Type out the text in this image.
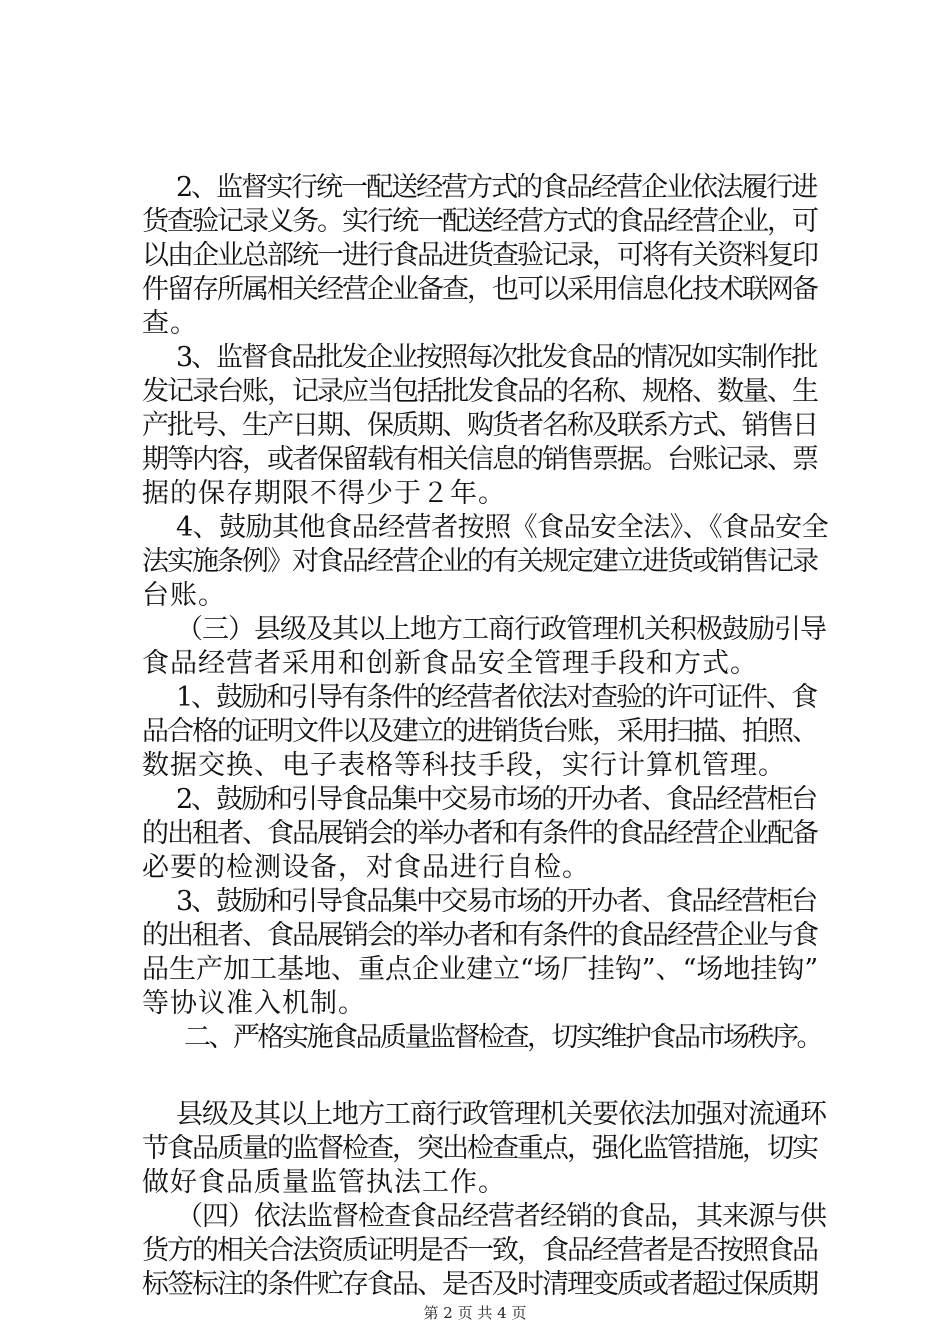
2、监督实行统一配送经营方式的食品经营企业依法履行进
货查验记录义务。实行统一配送经营方式的食品经营企业，可
以由企业总部统一进行食品进货查验记录，可将有关资料复印
件留存所属相关经营企业备查，也可以采用信息化技术联网备
查。
3、监督食品批发企业按照每次批发食品的情况如实制作批
发记录台账，记录应当包括批发食品的名称、规格、数量、生
产批号、生产日期、保质期、购货者名称及联系方式、销售日
期等内容，或者保留载有相关信息的销售票据。台账记录、票
据的保存期限不得少于２年。
4、鼓励其他食品经营者按照《食品安全法》、《食品安全
法实施条例》对食品经营企业的有关规定建立进货或销售记录
台账。
（三）县级及其以上地方工商行政管理机关积极鼓励引导
食品经营者采用和创新食品安全管理手段和方式。
1、鼓励和引导有条件的经营者依法对查验的许可证件、食
品合格的证明文件以及建立的进销货台账，采用扫描、拍照、
数据交换、电子表格等科技手段，实行计算机管理。
2、鼓励和引导食品集中交易市场的开办者、食品经营柜台
的出租者、食品展销会的举办者和有条件的食品经营企业配备
必要的检测设备，对食品进行自检。
3、鼓励和引导食品集中交易市场的开办者、食品经营柜台
的出租者、食品展销会的举办者和有条件的食品经营企业与食
品生产加工基地、重点企业建立“场厂挂钩”、“场地挂钩”
等协议准入机制。
二、严格实施食品质量监督检查，切实维护食品市场秩序。
县级及其以上地方工商行政管理机关要依法加强对流通环
节食品质量的监督检查，突出检查重点，强化监管措施，切实
做好食品质量监管执法工作。
（四）依法监督检查食品经营者经销的食品，其来源与供
货方的相关合法资质证明是否一致，食品经营者是否按照食品
标签标注的条件贮存食品、是否及时清理变质或者超过保质期
第 2 页 共 4 页
